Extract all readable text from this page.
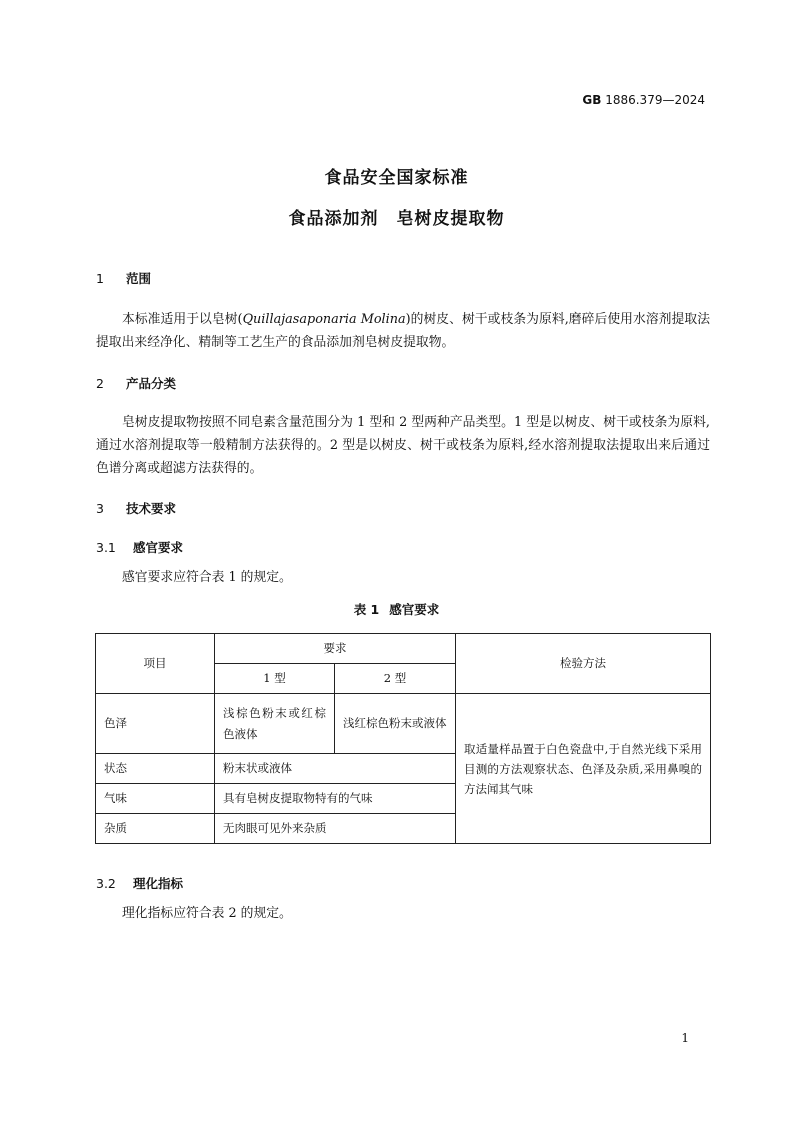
GB 1886.379—2024
食品安全国家标准
食品添加剂　皂树皮提取物
1 范围
本标准适用于以皂树(Quillajasaponaria Molina)的树皮、树干或枝条为原料,磨碎后使用水溶剂提取法提取出来经净化、精制等工艺生产的食品添加剂皂树皮提取物。
2 产品分类
皂树皮提取物按照不同皂素含量范围分为 1 型和 2 型两种产品类型。1 型是以树皮、树干或枝条为原料,通过水溶剂提取等一般精制方法获得的。2 型是以树皮、树干或枝条为原料,经水溶剂提取法提取出来后通过色谱分离或超滤方法获得的。
3 技术要求
3.1 感官要求
感官要求应符合表 1 的规定。
表 1 感官要求
项目	要求		检验方法
	1 型	2 型	
色泽	浅棕色粉末或红棕色液体	浅红棕色粉末或液体	取适量样品置于白色瓷盘中,于自然光线下采用目测的方法观察状态、色泽及杂质,采用鼻嗅的方法闻其气味
状态	粉末状或液体		
气味	具有皂树皮提取物特有的气味		
杂质	无肉眼可见外来杂质		
3.2 理化指标
理化指标应符合表 2 的规定。
1
